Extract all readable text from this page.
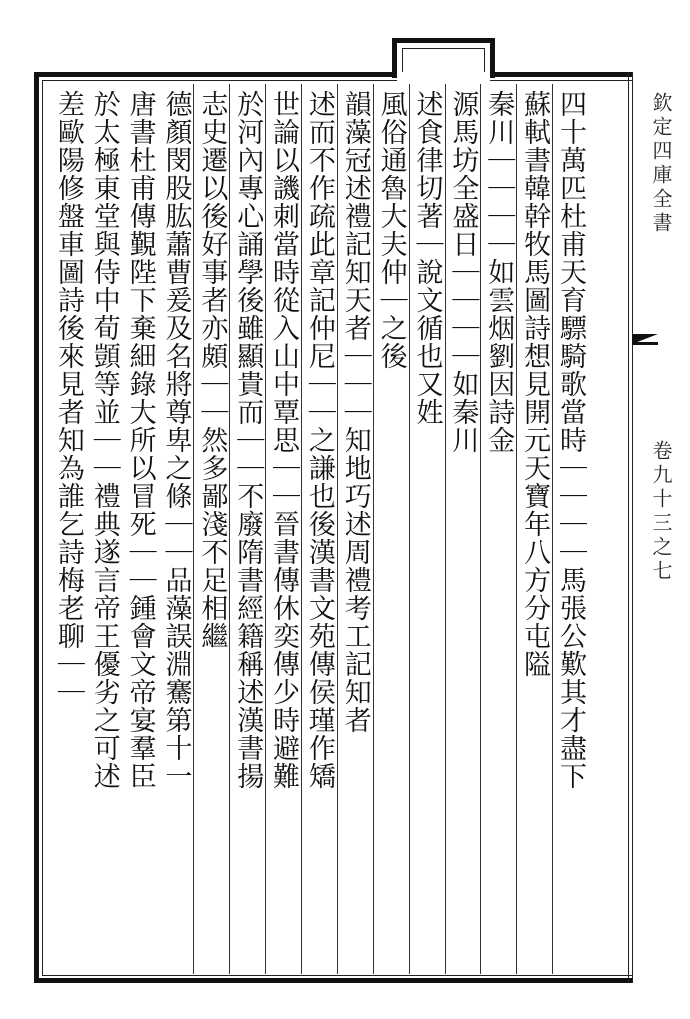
欽定四庫全書
卷九十三之七
四十萬匹杜甫天育驃騎歌當時｜｜｜｜馬張公歎其才盡下
蘇軾書韓幹牧馬圖詩想見開元天寶年八方分屯隘
秦川｜｜｜｜如雲烟劉因詩金
源馬坊全盛日｜｜｜｜如秦川
述食律切著｜說文循也又姓
風俗通魯大夫仲｜之後
韻藻冠述禮記知天者｜｜｜知地巧述周禮考工記知者
述而不作疏此章記仲尼｜｜之謙也後漢書文苑傳侯瑾作矯
世論以譏刺當時從入山中覃思｜｜晉書傳休奕傳少時避難
於河內專心誦學後雖顯貴而｜｜不廢隋書經籍稱述漢書揚
志史遷以後好事者亦頗｜｜然多鄙淺不足相繼
德顏閔股肱蕭曹爰及名將尊卑之條｜｜品藻誤淵騫第十一
唐書杜甫傳覲陛下棄細錄大所以冒死｜｜鍾會文帝宴羣臣
於太極東堂與侍中荀顗等並｜｜禮典遂言帝王優劣之可述
差歐陽修盤車圖詩後來見者知為誰乞詩梅老聊｜｜
